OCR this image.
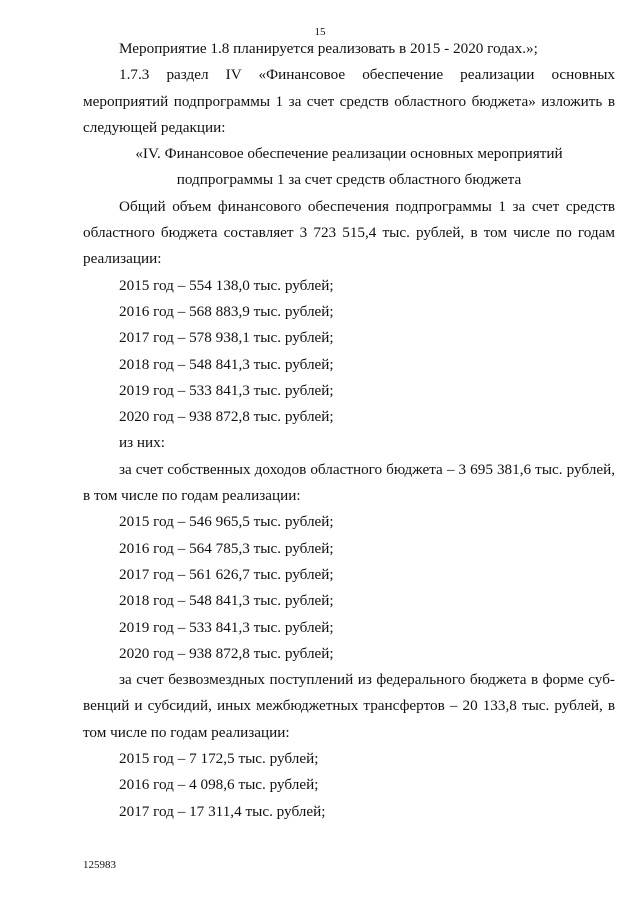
15

Мероприятие 1.8 планируется реализовать в 2015 - 2020 годах.»;

1.7.3 раздел IV «Финансовое обеспечение реализации основных

мероприятий подпрограммы 1 за счет средств областного бюджета» изложить в

следующей редакции:

«IV. Финансовое обеспечение реализации основных мероприятий

подпрограммы 1 за счет средств областного бюджета

Общий объем финансового обеспечения подпрограммы 1 за счет средств

областного бюджета составляет 3 723 515,4 тыс. рублей, в том числе по годам

реализации:

2015 год – 554 138,0 тыс. рублей;

2016 год – 568 883,9 тыс. рублей;

2017 год – 578 938,1 тыс. рублей;

2018 год – 548 841,3 тыс. рублей;

2019 год – 533 841,3 тыс. рублей;

2020 год – 938 872,8 тыс. рублей;

из них:

за счет собственных доходов областного бюджета – 3 695 381,6 тыс. рублей,

в том числе по годам реализации:

2015 год – 546 965,5 тыс. рублей;

2016 год – 564 785,3 тыс. рублей;

2017 год – 561 626,7 тыс. рублей;

2018 год – 548 841,3 тыс. рублей;

2019 год – 533 841,3 тыс. рублей;

2020 год – 938 872,8 тыс. рублей;

за счет безвозмездных поступлений из федерального бюджета в форме суб-

венций и субсидий, иных межбюджетных трансфертов – 20 133,8 тыс. рублей, в

том числе по годам реализации:

2015 год – 7 172,5 тыс. рублей;

2016 год – 4 098,6 тыс. рублей;

2017 год – 17 311,4 тыс. рублей;

125983
